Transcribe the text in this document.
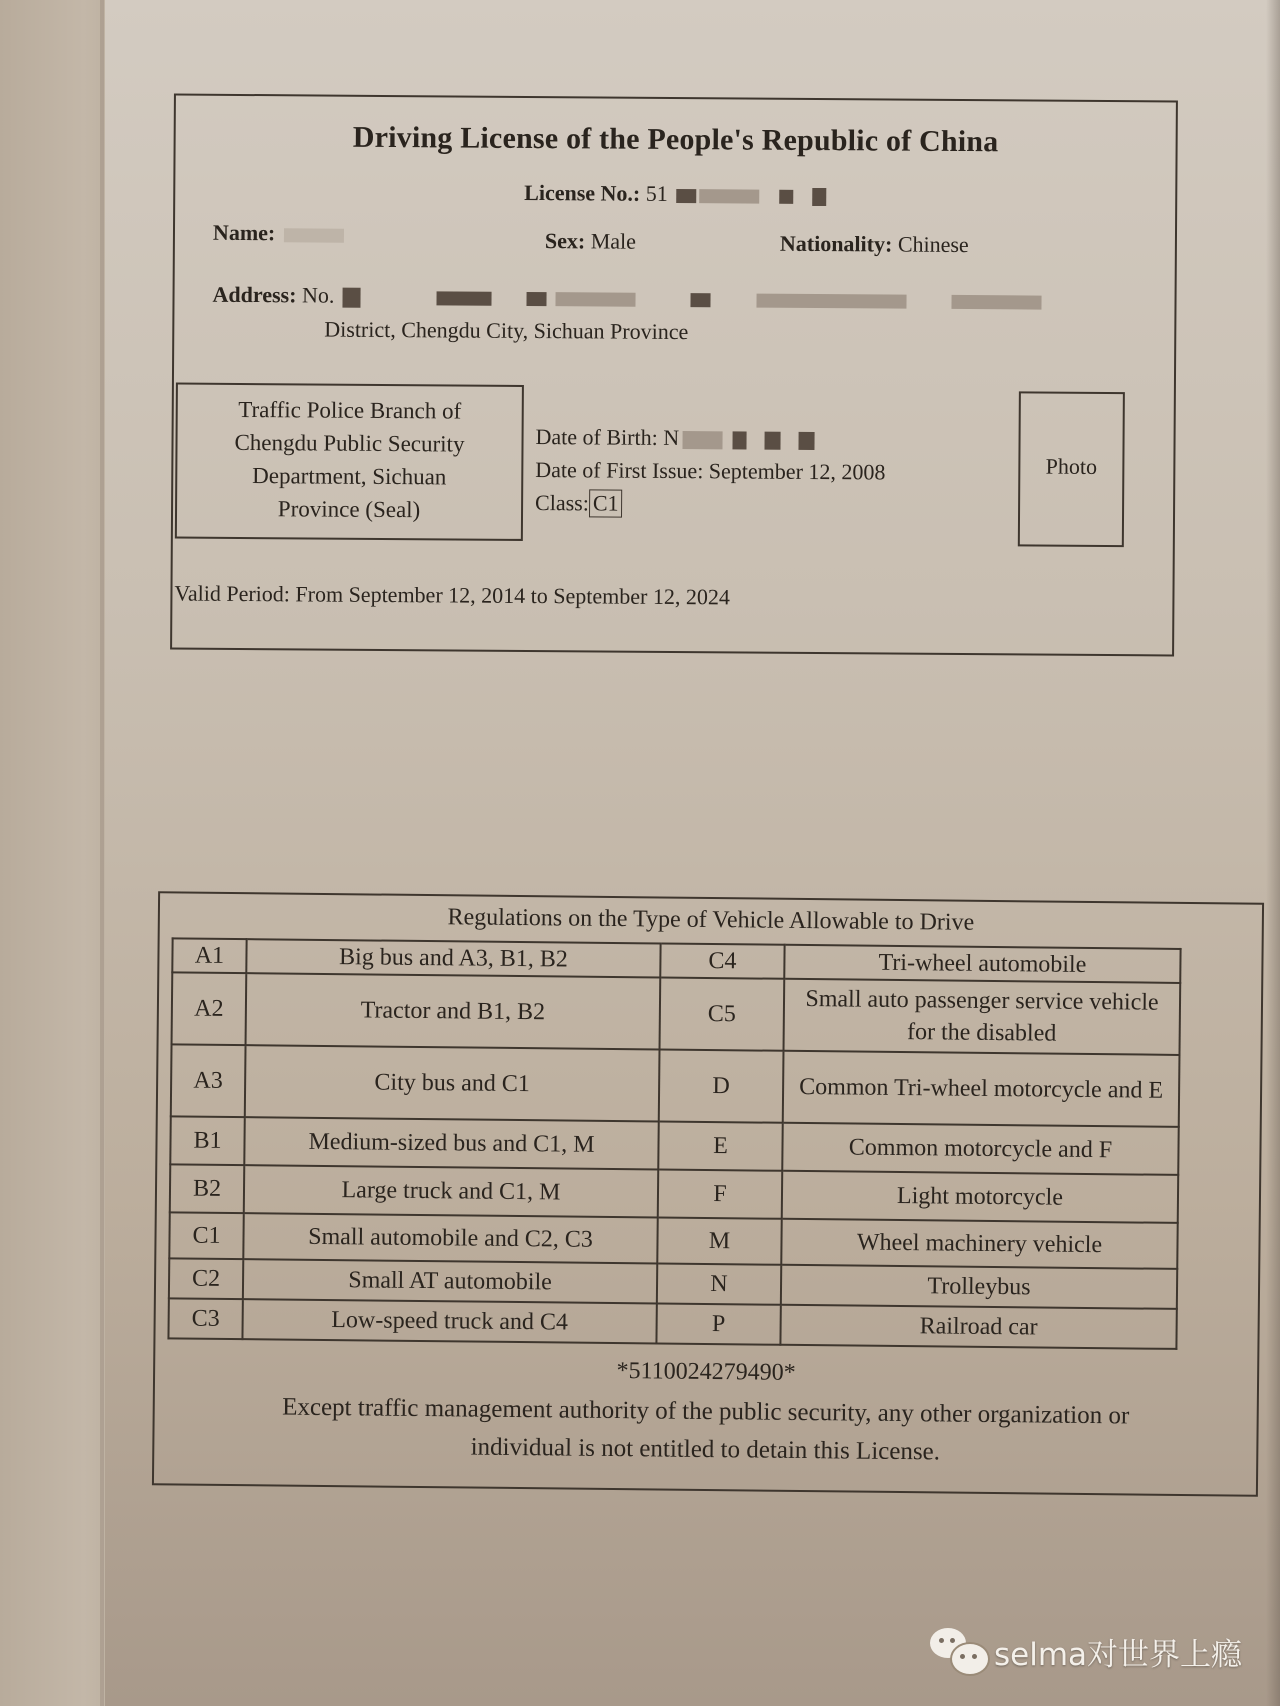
Driving License of the People's Republic of China
License No.: 51
Name:	Sex: Male	Nationality: Chinese
Address: No.
District, Chengdu City, Sichuan Province
Traffic Police Branch of
Chengdu Public Security
Department, Sichuan
Province (Seal)
Date of Birth: N
Date of First Issue: September 12, 2008
Class: C1
Photo
Valid Period: From September 12, 2014 to September 12, 2024
Regulations on the Type of Vehicle Allowable to Drive
A1	Big bus and A3, B1, B2	C4	Tri-wheel automobile
A2	Tractor and B1, B2	C5	Small auto passenger service vehicle for the disabled
A3	City bus and C1	D	Common Tri-wheel motorcycle and E
B1	Medium-sized bus and C1, M	E	Common motorcycle and F
B2	Large truck and C1, M	F	Light motorcycle
C1	Small automobile and C2, C3	M	Wheel machinery vehicle
C2	Small AT automobile	N	Trolleybus
C3	Low-speed truck and C4	P	Railroad car
*5110024279490*
Except traffic management authority of the public security, any other organization or
individual is not entitled to detain this License.
selma对世界上瘾
